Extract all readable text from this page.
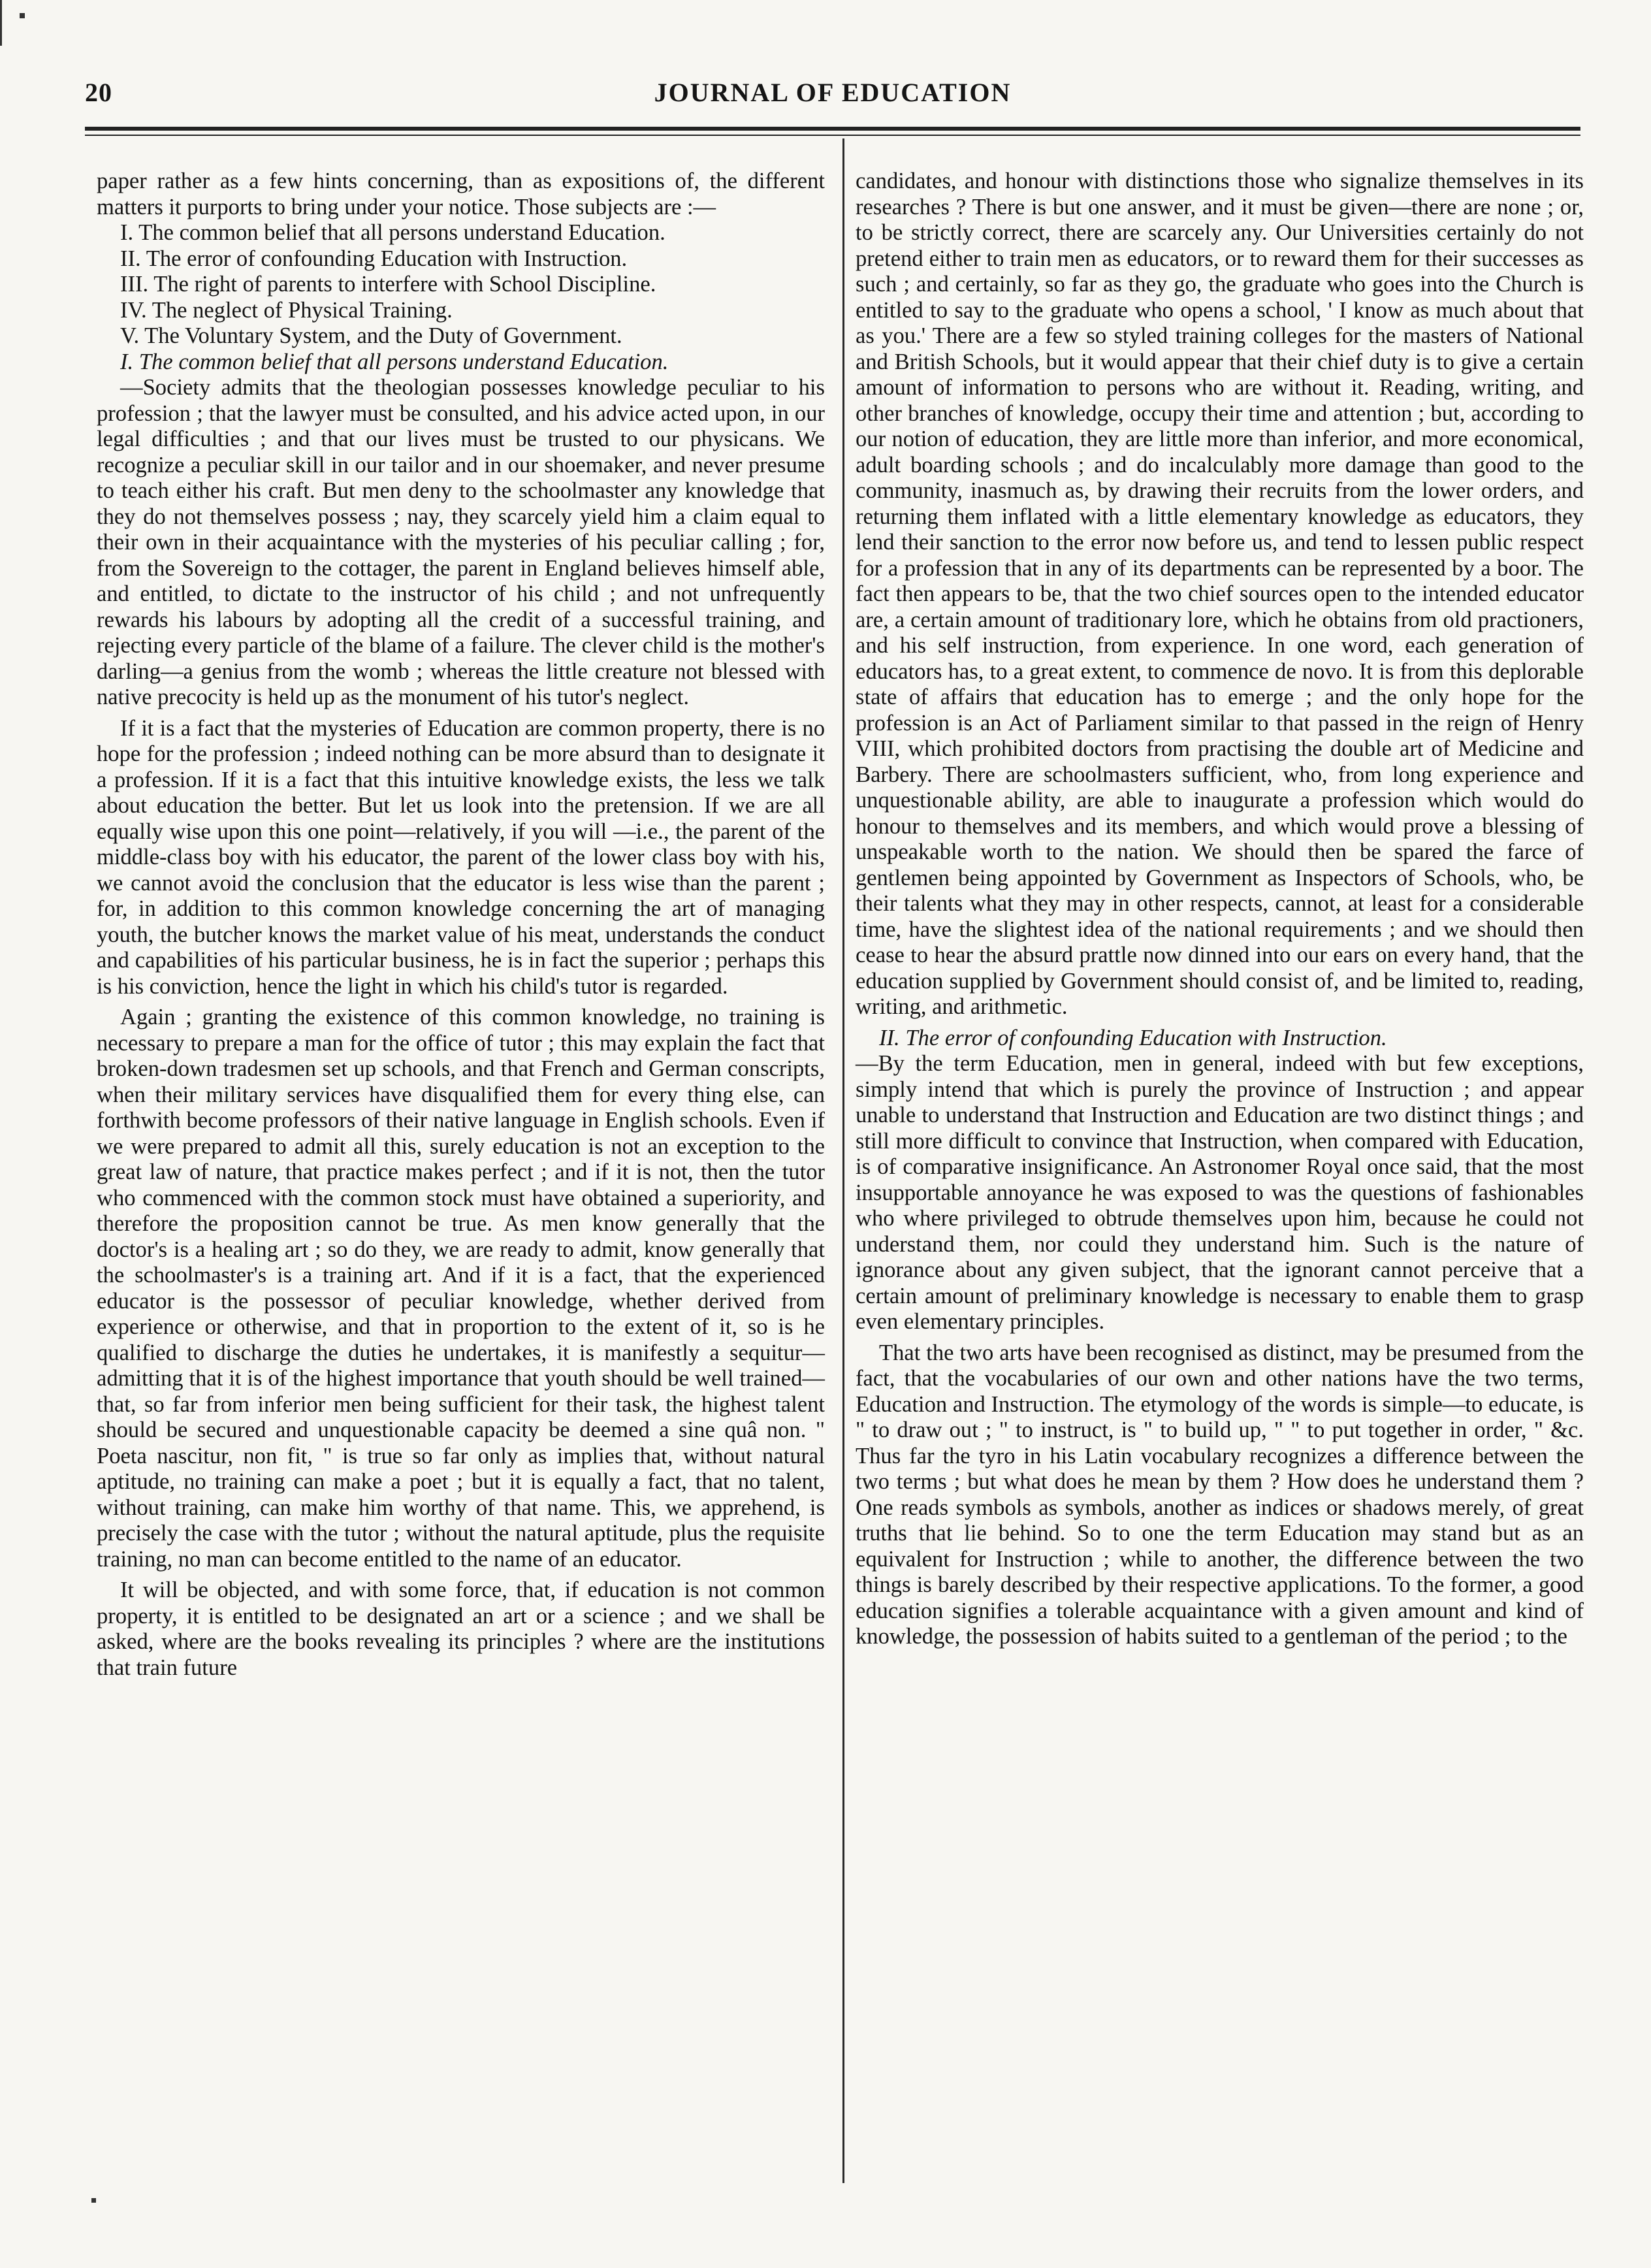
20	JOURNAL OF EDUCATION

paper rather as a few hints concerning, than as expositions of, the different matters it purports to bring under your notice. Those subjects are :—

I. The common belief that all persons understand Education.

II. The error of confounding Education with Instruction.

III. The right of parents to interfere with School Discipline.

IV. The neglect of Physical Training.

V. The Voluntary System, and the Duty of Government.

I. The common belief that all persons understand Education.

—Society admits that the theologian possesses knowledge peculiar to his profession ; that the lawyer must be consulted, and his advice acted upon, in our legal difficulties ; and that our lives must be trusted to our physicans. We recognize a peculiar skill in our tailor and in our shoemaker, and never presume to teach either his craft. But men deny to the schoolmaster any knowledge that they do not themselves possess ; nay, they scarcely yield him a claim equal to their own in their acquaintance with the mysteries of his peculiar calling ; for, from the Sovereign to the cottager, the parent in England believes himself able, and entitled, to dictate to the instructor of his child ; and not unfrequently rewards his labours by adopting all the credit of a successful training, and rejecting every particle of the blame of a failure. The clever child is the mother's darling—a genius from the womb ; whereas the little creature not blessed with native precocity is held up as the monument of his tutor's neglect.

If it is a fact that the mysteries of Education are common property, there is no hope for the profession ; indeed nothing can be more absurd than to designate it a profession. If it is a fact that this intuitive knowledge exists, the less we talk about education the better. But let us look into the pretension. If we are all equally wise upon this one point—relatively, if you will —i.e., the parent of the middle-class boy with his educator, the parent of the lower class boy with his, we cannot avoid the conclusion that the educator is less wise than the parent ; for, in addition to this common knowledge concerning the art of managing youth, the butcher knows the market value of his meat, understands the conduct and capabilities of his particular business, he is in fact the superior ; perhaps this is his conviction, hence the light in which his child's tutor is regarded.

Again ; granting the existence of this common knowledge, no training is necessary to prepare a man for the office of tutor ; this may explain the fact that broken-down tradesmen set up schools, and that French and German conscripts, when their military services have disqualified them for every thing else, can forthwith become professors of their native language in English schools. Even if we were prepared to admit all this, surely education is not an exception to the great law of nature, that practice makes perfect ; and if it is not, then the tutor who commenced with the common stock must have obtained a superiority, and therefore the proposition cannot be true. As men know generally that the doctor's is a healing art ; so do they, we are ready to admit, know generally that the schoolmaster's is a training art. And if it is a fact, that the experienced educator is the possessor of peculiar knowledge, whether derived from experience or otherwise, and that in proportion to the extent of it, so is he qualified to discharge the duties he undertakes, it is manifestly a sequitur—admitting that it is of the highest importance that youth should be well trained—that, so far from inferior men being sufficient for their task, the highest talent should be secured and unquestionable capacity be deemed a sine quâ non. " Poeta nascitur, non fit, " is true so far only as implies that, without natural aptitude, no training can make a poet ; but it is equally a fact, that no talent, without training, can make him worthy of that name. This, we apprehend, is precisely the case with the tutor ; without the natural aptitude, plus the requisite training, no man can become entitled to the name of an educator.

It will be objected, and with some force, that, if education is not common property, it is entitled to be designated an art or a science ; and we shall be asked, where are the books revealing its principles ? where are the institutions that train future

candidates, and honour with distinctions those who signalize themselves in its researches ? There is but one answer, and it must be given—there are none ; or, to be strictly correct, there are scarcely any. Our Universities certainly do not pretend either to train men as educators, or to reward them for their successes as such ; and certainly, so far as they go, the graduate who goes into the Church is entitled to say to the graduate who opens a school, ' I know as much about that as you.' There are a few so styled training colleges for the masters of National and British Schools, but it would appear that their chief duty is to give a certain amount of information to persons who are without it. Reading, writing, and other branches of knowledge, occupy their time and attention ; but, according to our notion of education, they are little more than inferior, and more economical, adult boarding schools ; and do incalculably more damage than good to the community, inasmuch as, by drawing their recruits from the lower orders, and returning them inflated with a little elementary knowledge as educators, they lend their sanction to the error now before us, and tend to lessen public respect for a profession that in any of its departments can be represented by a boor. The fact then appears to be, that the two chief sources open to the intended educator are, a certain amount of traditionary lore, which he obtains from old practioners, and his self instruction, from experience. In one word, each generation of educators has, to a great extent, to commence de novo. It is from this deplorable state of affairs that education has to emerge ; and the only hope for the profession is an Act of Parliament similar to that passed in the reign of Henry VIII, which prohibited doctors from practising the double art of Medicine and Barbery. There are schoolmasters sufficient, who, from long experience and unquestionable ability, are able to inaugurate a profession which would do honour to themselves and its members, and which would prove a blessing of unspeakable worth to the nation. We should then be spared the farce of gentlemen being appointed by Government as Inspectors of Schools, who, be their talents what they may in other respects, cannot, at least for a considerable time, have the slightest idea of the national requirements ; and we should then cease to hear the absurd prattle now dinned into our ears on every hand, that the education supplied by Government should consist of, and be limited to, reading, writing, and arithmetic.

II. The error of confounding Education with Instruction.

—By the term Education, men in general, indeed with but few exceptions, simply intend that which is purely the province of Instruction ; and appear unable to understand that Instruction and Education are two distinct things ; and still more difficult to convince that Instruction, when compared with Education, is of comparative insignificance. An Astronomer Royal once said, that the most insupportable annoyance he was exposed to was the questions of fashionables who where privileged to obtrude themselves upon him, because he could not understand them, nor could they understand him. Such is the nature of ignorance about any given subject, that the ignorant cannot perceive that a certain amount of preliminary knowledge is necessary to enable them to grasp even elementary principles.

That the two arts have been recognised as distinct, may be presumed from the fact, that the vocabularies of our own and other nations have the two terms, Education and Instruction. The etymology of the words is simple—to educate, is " to draw out ; " to instruct, is " to build up, " " to put together in order, " &c. Thus far the tyro in his Latin vocabulary recognizes a difference between the two terms ; but what does he mean by them ? How does he understand them ? One reads symbols as symbols, another as indices or shadows merely, of great truths that lie behind. So to one the term Education may stand but as an equivalent for Instruction ; while to another, the difference between the two things is barely described by their respective applications. To the former, a good education signifies a tolerable acquaintance with a given amount and kind of knowledge, the possession of habits suited to a gentleman of the period ; to the
